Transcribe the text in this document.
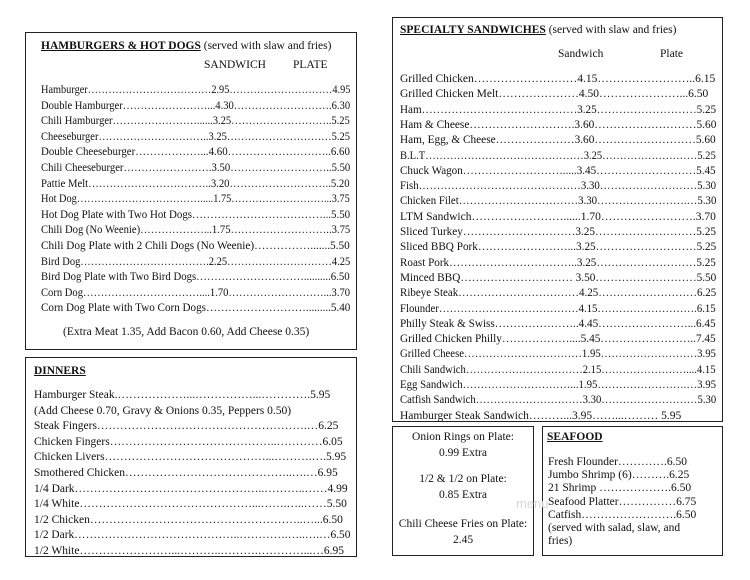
HAMBURGERS & HOT DOGS (served with slaw and fries)
SANDWICH PLATE
Hamburger………………………………2.95…………………………4.95
Double Hamburger……………………...4.30……………………….6.30
Chili Hamburger……………………......3.25………………………..5.25
Cheeseburger…………………………..3.25…………………………5.25
Double Cheeseburger………………...4.60………………………..6.60
Chili Cheeseburger…………………….3.50………………………..5.50
Pattie Melt……………………………..3.20………………………..5.20
Hot Dog……………………………….....1.75………………………...3.75
Hot Dog Plate with Two Hot Dogs………………………………...5.50
Chili Dog (No Weenie)………………...1.75………………………..3.75
Chili Dog Plate with 2 Chili Dogs (No Weenie)…………….......5.50
Bird Dog……………………………….2.25…………………………4.25
Bird Dog Plate with Two Bird Dogs…………………………..........6.50
Corn Dog……………………………....1.70………………………...3.70
Corn Dog Plate with Two Corn Dogs……………………….........5.40
(Extra Meat 1.35, Add Bacon 0.60, Add Cheese 0.35)
DINNERS
Hamburger Steak.………………...……………...………….5.95
(Add Cheese 0.70, Gravy & Onions 0.35, Peppers 0.50)
Steak Fingers……………………………………………….…6.25
Chicken Fingers……………………………………..…………6.05
Chicken Livers……………………………………...……….….5.95
Smothered Chicken……………………………………..….…6.95
1/4 Dark…………………………………………..………..……4.99
1/4 White………………………………………...…….…..……5.50
1/2 Chicken………………………………………………..…...6.50
1/2 Dark……………………………………..………….…..….…6.50
1/2 White……………………...………..……….…………...…6.95
SPECIALTY SANDWICHES (served with slaw and fries)
Sandwich	Plate
Grilled Chicken………………………4.15……………………..6.15
Grilled Chicken Melt…………………4.50…………………...6.50
Ham……………………………………3.25………………………5.25
Ham & Cheese……………………….3.60………………………5.60
Ham, Egg, & Cheese…………………3.60………………………5.60
B.L.T………………………………………3.25………………………5.25
Chuck Wagon……………………….....3.45………………………5.45
Fish………………………………………3.30………………………5.30
Chicken Filet……………………………3.30…………………….…5.30
LTM Sandwich……………………......1.70…………………….3.70
Sliced Turkey…………………………3.25………………………5.25
Sliced BBQ Pork……………………...3.25………………………5.25
Roast Pork……………………………..3.25………………………5.25
Minced BBQ………………………… 3.50………………………5.50
Ribeye Steak……………………………4.25………………………6.25
Flounder…………………………………4.15……………………….6.15
Philly Steak & Swiss…………………..4.45……………………...6.45
Grilled Chicken Philly………………....5.45……………………..7.45
Grilled Cheese……………………………1.95………………………3.95
Chili Sandwich……………………………2.15……………………....4.15
Egg Sandwich…………………………...1.95…………………….…3.95
Catfish Sandwich…………………………3.30………………………5.30
Hamburger Steak Sandwich………...3.95……...……… 5.95
Onion Rings on Plate:
0.99 Extra
1/2 & 1/2 on Plate:
0.85 Extra
Chili Cheese Fries on Plate:
2.45
SEAFOOD
Fresh Flounder………….6.50
Jumbo Shrimp (6)……….6.25
21 Shrimp ……………….6.50
Seafood Platter……………6.75
Catfish…………………….6.50
(served with salad, slaw, and
fries)
menu
